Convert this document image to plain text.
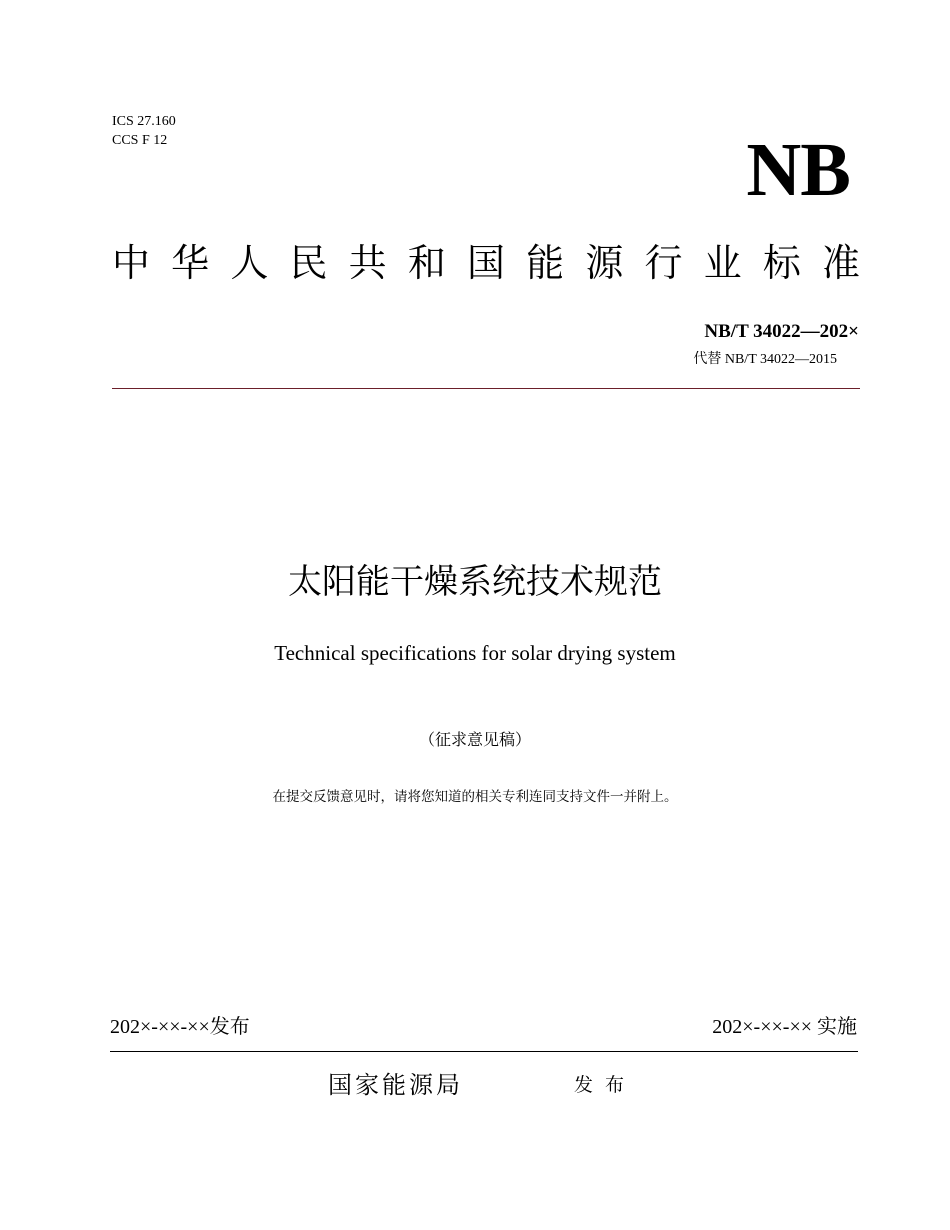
ICS 27.160
CCS F 12	NB
中华人民共和国能源行业标准
NB/T 34022—202×
代替 NB/T 34022—2015
太阳能干燥系统技术规范
Technical specifications for solar drying system
（征求意见稿）
在提交反馈意见时，请将您知道的相关专利连同支持文件一并附上。
202×-××-××发布	202×-××-×× 实施
国家能源局	发布
